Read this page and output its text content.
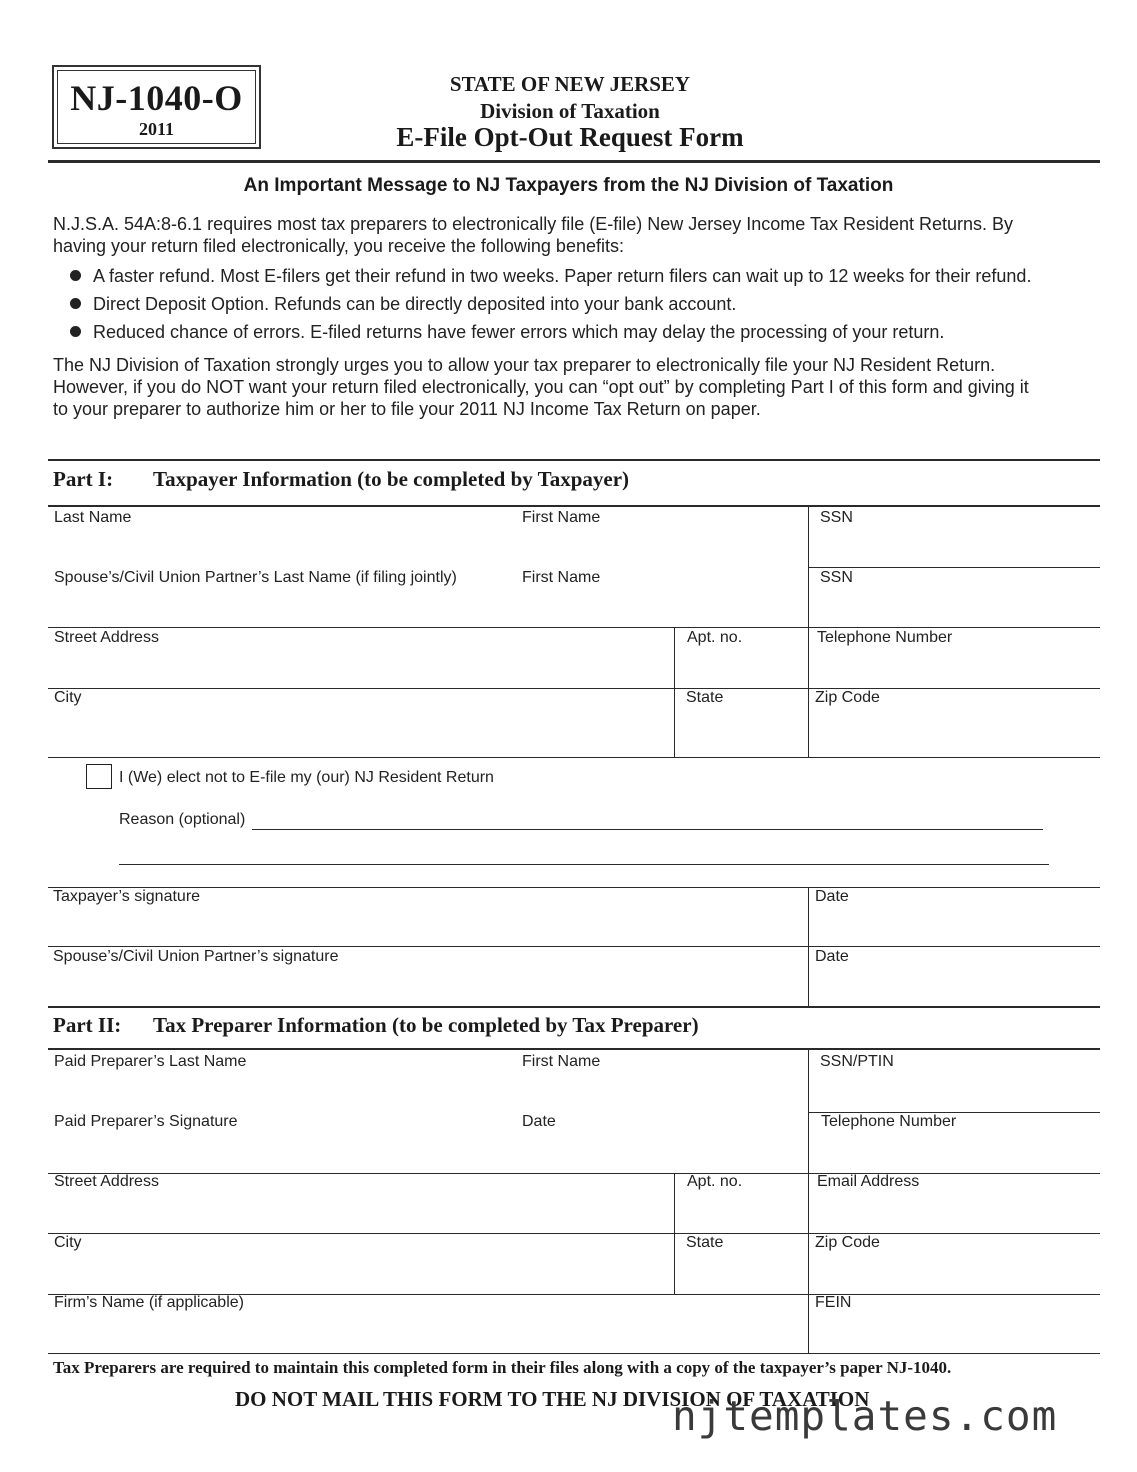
NJ-1040-O
2011
STATE OF NEW JERSEY
Division of Taxation
E-File Opt-Out Request Form
An Important Message to NJ Taxpayers from the NJ Division of Taxation
N.J.S.A. 54A:8-6.1 requires most tax preparers to electronically file (E-file) New Jersey Income Tax Resident Returns. By
having your return filed electronically, you receive the following benefits:
A faster refund. Most E-filers get their refund in two weeks. Paper return filers can wait up to 12 weeks for their refund.
Direct Deposit Option. Refunds can be directly deposited into your bank account.
Reduced chance of errors. E-filed returns have fewer errors which may delay the processing of your return.
The NJ Division of Taxation strongly urges you to allow your tax preparer to electronically file your NJ Resident Return.
However, if you do NOT want your return filed electronically, you can “opt out” by completing Part I of this form and giving it
to your preparer to authorize him or her to file your 2011 NJ Income Tax Return on paper.
Part I: Taxpayer Information (to be completed by Taxpayer)
Last Name	First Name	SSN
Spouse’s/Civil Union Partner’s Last Name (if filing jointly)	First Name	SSN
Street Address	Apt. no.	Telephone Number
City	State	Zip Code
I (We) elect not to E-file my (our) NJ Resident Return
Reason (optional)
Taxpayer’s signature	Date
Spouse’s/Civil Union Partner’s signature	Date
Part II: Tax Preparer Information (to be completed by Tax Preparer)
Paid Preparer’s Last Name	First Name	SSN/PTIN
Paid Preparer’s Signature	Date	Telephone Number
Street Address	Apt. no.	Email Address
City	State	Zip Code
Firm’s Name (if applicable)	FEIN
Tax Preparers are required to maintain this completed form in their files along with a copy of the taxpayer’s paper NJ-1040.
DO NOT MAIL THIS FORM TO THE NJ DIVISION OF TAXATION
njtemplates.com
